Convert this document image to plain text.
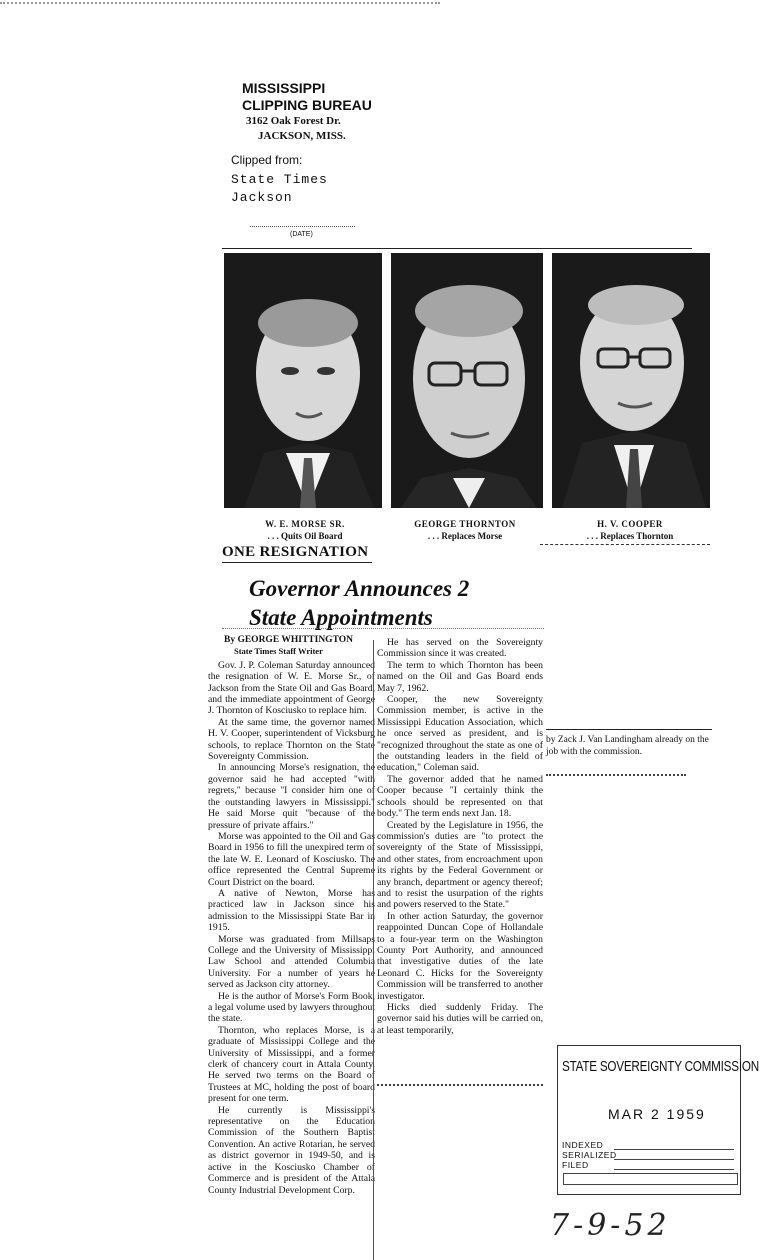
MISSISSIPPI
CLIPPING BUREAU
3162 Oak Forest Dr.
JACKSON, MISS.
Clipped from:
State Times
Jackson
(DATE)
W. E. MORSE SR.
. . . Quits Oil Board
GEORGE THORNTON
. . . Replaces Morse
H. V. COOPER
. . . Replaces Thornton
ONE RESIGNATION
Governor Announces 2
State Appointments

By GEORGE WHITTINGTON

State Times Staff Writer

Gov. J. P. Coleman Saturday announced the resignation of W. E. Morse Sr., of Jackson from the State Oil and Gas Board, and the immediate appointment of George J. Thornton of Kosciusko to replace him.

At the same time, the governor named H. V. Cooper, superintendent of Vicksburg schools, to replace Thornton on the State Sovereignty Commission.

In announcing Morse's resignation, the governor said he had accepted "with regrets," because "I consider him one of the outstanding lawyers in Mississippi." He said Morse quit "because of the pressure of private affairs."

Morse was appointed to the Oil and Gas Board in 1956 to fill the unexpired term of the late W. E. Leonard of Kosciusko. The office represented the Central Supreme Court District on the board.

A native of Newton, Morse has practiced law in Jackson since his admission to the Mississippi State Bar in 1915.

Morse was graduated from Millsaps College and the University of Mississippi Law School and attended Columbia University. For a number of years he served as Jackson city attorney.

He is the author of Morse's Form Book, a legal volume used by lawyers throughout the state.

Thornton, who replaces Morse, is a graduate of Mississippi College and the University of Mississippi, and a former clerk of chancery court in Attala County. He served two terms on the Board of Trustees at MC, holding the post of board present for one term.

He currently is Mississippi's representative on the Education Commission of the Southern Baptist Convention. An active Rotarian, he served as district governor in 1949-50, and is active in the Kosciusko Chamber of Commerce and is president of the Attala County Industrial Development Corp.

He has served on the Sovereignty Commission since it was created.

The term to which Thornton has been named on the Oil and Gas Board ends May 7, 1962.

Cooper, the new Sovereignty Commission member, is active in the Mississippi Education Association, which he once served as president, and is "recognized throughout the state as one of the outstanding leaders in the field of education," Coleman said.

The governor added that he named Cooper because "I certainly think the schools should be represented on that body." The term ends next Jan. 18.

Created by the Legislature in 1956, the commission's duties are "to protect the sovereignty of the State of Mississippi, and other states, from encroachment upon its rights by the Federal Government or any branch, department or agency thereof; and to resist the usurpation of the rights and powers reserved to the State."

In other action Saturday, the governor reappointed Duncan Cope of Hollandale to a four-year term on the Washington County Port Authority, and announced that investigative duties of the late Leonard C. Hicks for the Sovereignty Commission will be transferred to another investigator.

Hicks died suddenly Friday. The governor said his duties will be carried on, at least temporarily,

by Zack J. Van Landingham already on the job with the commission.
STATE SOVEREIGNTY COMMISSION
MAR 2 1959
INDEXED
SERIALIZED
FILED
7-9-52
